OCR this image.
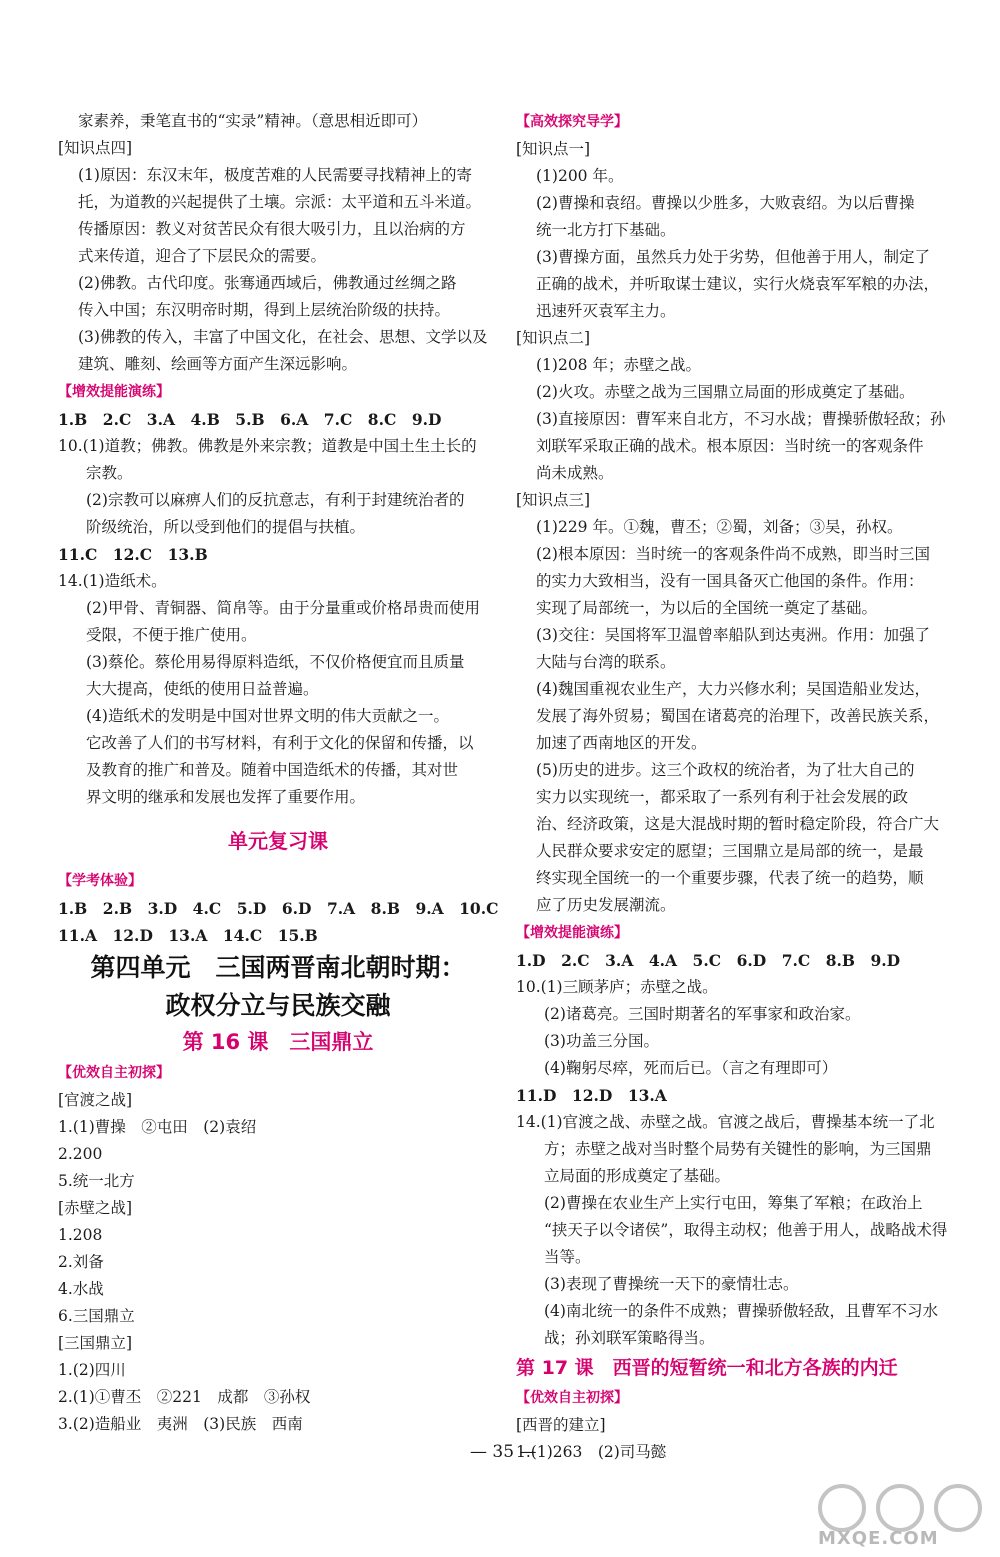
家素养，秉笔直书的“实录”精神。（意思相近即可）
[知识点四]
(1)原因：东汉末年，极度苦难的人民需要寻找精神上的寄
托，为道教的兴起提供了土壤。宗派：太平道和五斗米道。
传播原因：教义对贫苦民众有很大吸引力，且以治病的方
式来传道，迎合了下层民众的需要。
(2)佛教。古代印度。张骞通西域后，佛教通过丝绸之路
传入中国；东汉明帝时期，得到上层统治阶级的扶持。
(3)佛教的传入，丰富了中国文化，在社会、思想、文学以及
建筑、雕刻、绘画等方面产生深远影响。
【增效提能演练】
1.B　2.C　3.A　4.B　5.B　6.A　7.C　8.C　9.D
10.(1)道教；佛教。佛教是外来宗教；道教是中国土生土长的
宗教。
(2)宗教可以麻痹人们的反抗意志，有利于封建统治者的
阶级统治，所以受到他们的提倡与扶植。
11.C　12.C　13.B
14.(1)造纸术。
(2)甲骨、青铜器、简帛等。由于分量重或价格昂贵而使用
受限，不便于推广使用。
(3)蔡伦。蔡伦用易得原料造纸，不仅价格便宜而且质量
大大提高，使纸的使用日益普遍。
(4)造纸术的发明是中国对世界文明的伟大贡献之一。
它改善了人们的书写材料，有利于文化的保留和传播，以
及教育的推广和普及。随着中国造纸术的传播，其对世
界文明的继承和发展也发挥了重要作用。
单元复习课
【学考体验】
1.B　2.B　3.D　4.C　5.D　6.D　7.A　8.B　9.A　10.C
11.A　12.D　13.A　14.C　15.B
第四单元　三国两晋南北朝时期：
政权分立与民族交融
第 16 课　三国鼎立
【优效自主初探】
[官渡之战]
1.(1)曹操　②屯田　(2)袁绍
2.200
5.统一北方
[赤壁之战]
1.208
2.刘备
4.水战
6.三国鼎立
[三国鼎立]
1.(2)四川
2.(1)①曹丕　②221　成都　③孙权
3.(2)造船业　夷洲　(3)民族　西南
【高效探究导学】
[知识点一]
(1)200 年。
(2)曹操和袁绍。曹操以少胜多，大败袁绍。为以后曹操
统一北方打下基础。
(3)曹操方面，虽然兵力处于劣势，但他善于用人，制定了
正确的战术，并听取谋士建议，实行火烧袁军军粮的办法，
迅速歼灭袁军主力。
[知识点二]
(1)208 年；赤壁之战。
(2)火攻。赤壁之战为三国鼎立局面的形成奠定了基础。
(3)直接原因：曹军来自北方，不习水战；曹操骄傲轻敌；孙
刘联军采取正确的战术。根本原因：当时统一的客观条件
尚未成熟。
[知识点三]
(1)229 年。①魏，曹丕；②蜀，刘备；③吴，孙权。
(2)根本原因：当时统一的客观条件尚不成熟，即当时三国
的实力大致相当，没有一国具备灭亡他国的条件。作用：
实现了局部统一，为以后的全国统一奠定了基础。
(3)交往：吴国将军卫温曾率船队到达夷洲。作用：加强了
大陆与台湾的联系。
(4)魏国重视农业生产，大力兴修水利；吴国造船业发达，
发展了海外贸易；蜀国在诸葛亮的治理下，改善民族关系，
加速了西南地区的开发。
(5)历史的进步。这三个政权的统治者，为了壮大自己的
实力以实现统一，都采取了一系列有利于社会发展的政
治、经济政策，这是大混战时期的暂时稳定阶段，符合广大
人民群众要求安定的愿望；三国鼎立是局部的统一，是最
终实现全国统一的一个重要步骤，代表了统一的趋势，顺
应了历史发展潮流。
【增效提能演练】
1.D　2.C　3.A　4.A　5.C　6.D　7.C　8.B　9.D
10.(1)三顾茅庐；赤壁之战。
(2)诸葛亮。三国时期著名的军事家和政治家。
(3)功盖三分国。
(4)鞠躬尽瘁，死而后已。（言之有理即可）
11.D　12.D　13.A
14.(1)官渡之战、赤壁之战。官渡之战后，曹操基本统一了北
方；赤壁之战对当时整个局势有关键性的影响，为三国鼎
立局面的形成奠定了基础。
(2)曹操在农业生产上实行屯田，筹集了军粮；在政治上
“挟天子以令诸侯”，取得主动权；他善于用人，战略战术得
当等。
(3)表现了曹操统一天下的豪情壮志。
(4)南北统一的条件不成熟；曹操骄傲轻敌，且曹军不习水
战；孙刘联军策略得当。
第 17 课　西晋的短暂统一和北方各族的内迁
【优效自主初探】
[西晋的建立]
1.(1)263　(2)司马懿
— 35 —
MXQE.COM
